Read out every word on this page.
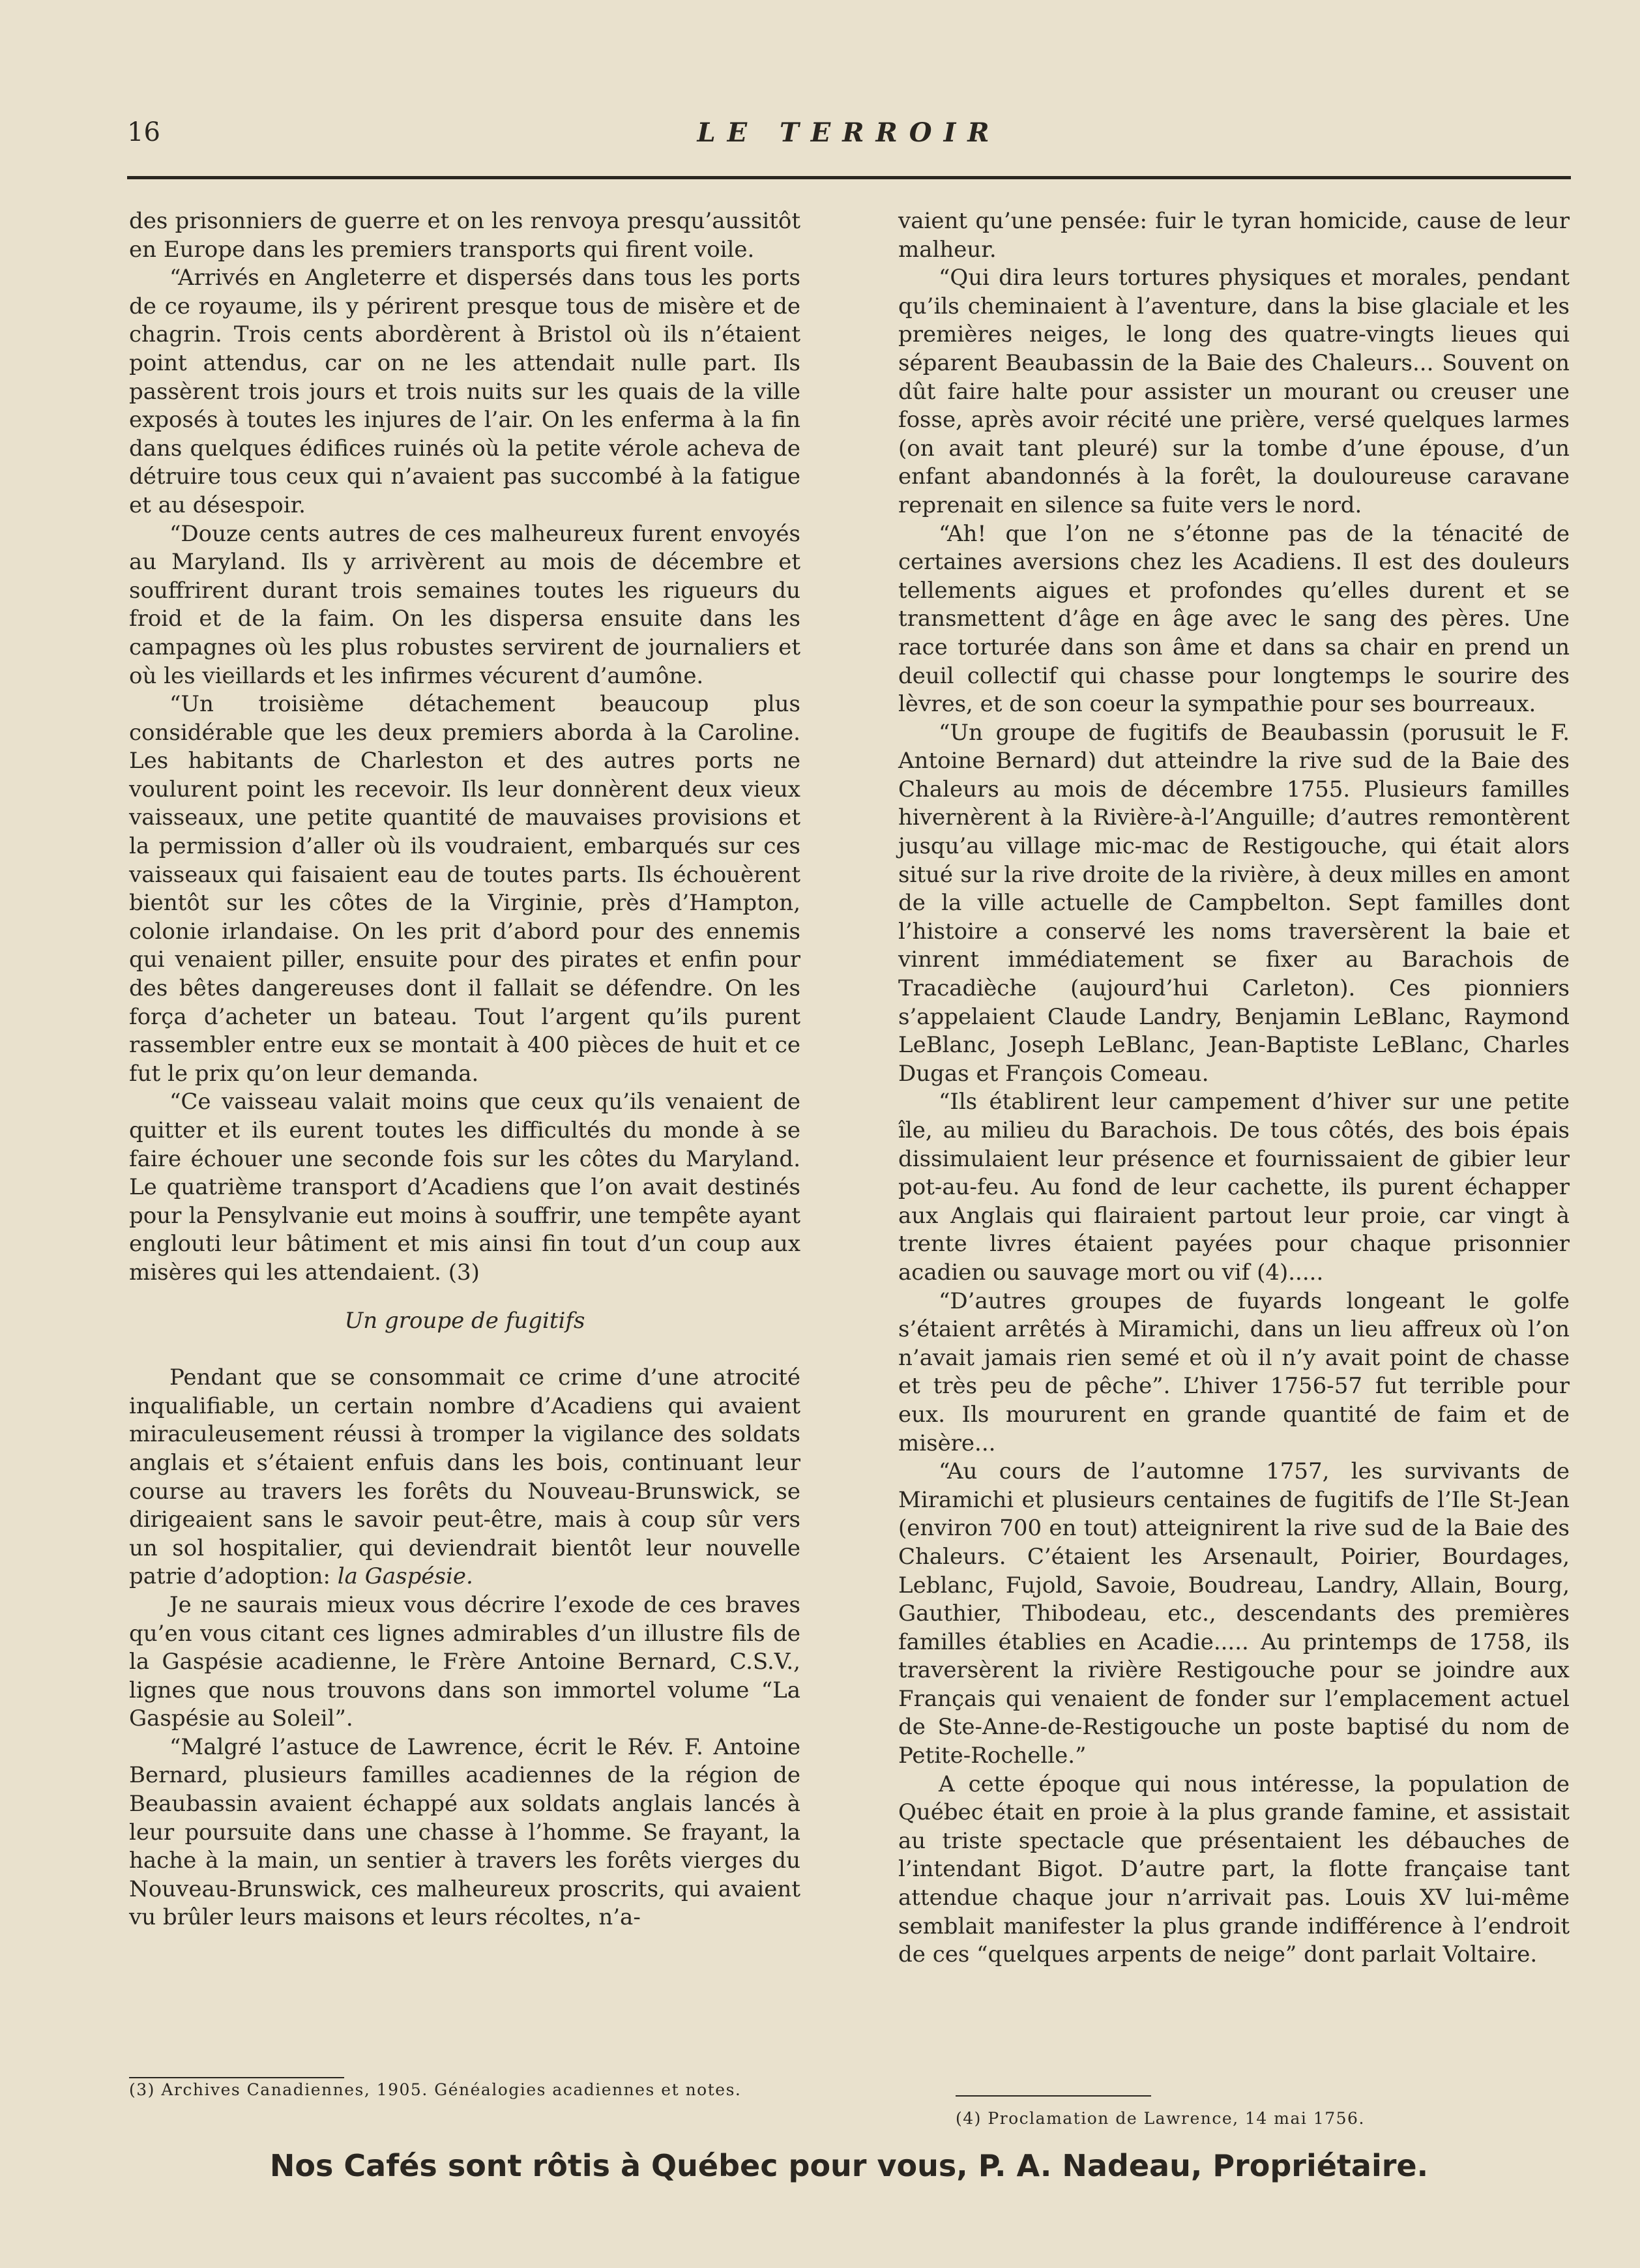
16	LE TERROIR

des prisonniers de guerre et on les renvoya presqu’aussitôt en Europe dans les premiers transports qui firent voile.

“Arrivés en Angleterre et dispersés dans tous les ports de ce royaume, ils y périrent presque tous de misère et de chagrin. Trois cents abordèrent à Bristol où ils n’étaient point attendus, car on ne les attendait nulle part. Ils passèrent trois jours et trois nuits sur les quais de la ville exposés à toutes les injures de l’air. On les enferma à la fin dans quelques édifices ruinés où la petite vérole acheva de détruire tous ceux qui n’avaient pas succombé à la fatigue et au désespoir.

“Douze cents autres de ces malheureux furent envoyés au Maryland. Ils y arrivèrent au mois de décembre et souffrirent durant trois semaines toutes les rigueurs du froid et de la faim. On les dispersa ensuite dans les campagnes où les plus robustes servirent de journaliers et où les vieillards et les infirmes vécurent d’aumône.

“Un troisième détachement beaucoup plus considérable que les deux premiers aborda à la Caroline. Les habitants de Charleston et des autres ports ne voulurent point les recevoir. Ils leur donnèrent deux vieux vaisseaux, une petite quantité de mauvaises provisions et la permission d’aller où ils voudraient, embarqués sur ces vaisseaux qui faisaient eau de toutes parts. Ils échouèrent bientôt sur les côtes de la Virginie, près d’Hampton, colonie irlandaise. On les prit d’abord pour des ennemis qui venaient piller, ensuite pour des pirates et enfin pour des bêtes dangereuses dont il fallait se défendre. On les força d’acheter un bateau. Tout l’argent qu’ils purent rassembler entre eux se montait à 400 pièces de huit et ce fut le prix qu’on leur demanda.

“Ce vaisseau valait moins que ceux qu’ils venaient de quitter et ils eurent toutes les difficultés du monde à se faire échouer une seconde fois sur les côtes du Maryland. Le quatrième transport d’Acadiens que l’on avait destinés pour la Pensylvanie eut moins à souffrir, une tempête ayant englouti leur bâtiment et mis ainsi fin tout d’un coup aux misères qui les attendaient. (3)

Un groupe de fugitifs

Pendant que se consommait ce crime d’une atrocité inqualifiable, un certain nombre d’Acadiens qui avaient miraculeusement réussi à tromper la vigilance des soldats anglais et s’étaient enfuis dans les bois, continuant leur course au travers les forêts du Nouveau-Brunswick, se dirigeaient sans le savoir peut-être, mais à coup sûr vers un sol hospitalier, qui deviendrait bientôt leur nouvelle patrie d’adoption: la Gaspésie.

Je ne saurais mieux vous décrire l’exode de ces braves qu’en vous citant ces lignes admirables d’un illustre fils de la Gaspésie acadienne, le Frère Antoine Bernard, C.S.V., lignes que nous trouvons dans son immortel volume “La Gaspésie au Soleil”.

“Malgré l’astuce de Lawrence, écrit le Rév. F. Antoine Bernard, plusieurs familles acadiennes de la région de Beaubassin avaient échappé aux soldats anglais lancés à leur poursuite dans une chasse à l’homme. Se frayant, la hache à la main, un sentier à travers les forêts vierges du Nouveau-Brunswick, ces malheureux proscrits, qui avaient vu brûler leurs maisons et leurs récoltes, n’a-

vaient qu’une pensée: fuir le tyran homicide, cause de leur malheur.

“Qui dira leurs tortures physiques et morales, pendant qu’ils cheminaient à l’aventure, dans la bise glaciale et les premières neiges, le long des quatre-vingts lieues qui séparent Beaubassin de la Baie des Chaleurs... Souvent on dût faire halte pour assister un mourant ou creuser une fosse, après avoir récité une prière, versé quelques larmes (on avait tant pleuré) sur la tombe d’une épouse, d’un enfant abandonnés à la forêt, la douloureuse caravane reprenait en silence sa fuite vers le nord.

“Ah! que l’on ne s’étonne pas de la ténacité de certaines aversions chez les Acadiens. Il est des douleurs tellements aigues et profondes qu’elles durent et se transmettent d’âge en âge avec le sang des pères. Une race torturée dans son âme et dans sa chair en prend un deuil collectif qui chasse pour longtemps le sourire des lèvres, et de son coeur la sympathie pour ses bourreaux.

“Un groupe de fugitifs de Beaubassin (porusuit le F. Antoine Bernard) dut atteindre la rive sud de la Baie des Chaleurs au mois de décembre 1755. Plusieurs familles hivernèrent à la Rivière-à-l’Anguille; d’autres remontèrent jusqu’au village mic-mac de Restigouche, qui était alors situé sur la rive droite de la rivière, à deux milles en amont de la ville actuelle de Campbelton. Sept familles dont l’histoire a conservé les noms traversèrent la baie et vinrent immédiatement se fixer au Barachois de Tracadièche (aujourd’hui Carleton). Ces pionniers s’appelaient Claude Landry, Benjamin LeBlanc, Raymond LeBlanc, Joseph LeBlanc, Jean-Baptiste LeBlanc, Charles Dugas et François Comeau.

“Ils établirent leur campement d’hiver sur une petite île, au milieu du Barachois. De tous côtés, des bois épais dissimulaient leur présence et fournissaient de gibier leur pot-au-feu. Au fond de leur cachette, ils purent échapper aux Anglais qui flairaient partout leur proie, car vingt à trente livres étaient payées pour chaque prisonnier acadien ou sauvage mort ou vif (4).....

“D’autres groupes de fuyards longeant le golfe s’étaient arrêtés à Miramichi, dans un lieu affreux où l’on n’avait jamais rien semé et où il n’y avait point de chasse et très peu de pêche”. L’hiver 1756-57 fut terrible pour eux. Ils moururent en grande quantité de faim et de misère...

“Au cours de l’automne 1757, les survivants de Miramichi et plusieurs centaines de fugitifs de l’Ile St-Jean (environ 700 en tout) atteignirent la rive sud de la Baie des Chaleurs. C’étaient les Arsenault, Poirier, Bourdages, Leblanc, Fujold, Savoie, Boudreau, Landry, Allain, Bourg, Gauthier, Thibodeau, etc., descendants des premières familles établies en Acadie..... Au printemps de 1758, ils traversèrent la rivière Restigouche pour se joindre aux Français qui venaient de fonder sur l’emplacement actuel de Ste-Anne-de-Restigouche un poste baptisé du nom de Petite-Rochelle.”

A cette époque qui nous intéresse, la population de Québec était en proie à la plus grande famine, et assistait au triste spectacle que présentaient les débauches de l’intendant Bigot. D’autre part, la flotte française tant attendue chaque jour n’arrivait pas. Louis XV lui-même semblait manifester la plus grande indifférence à l’endroit de ces “quelques arpents de neige” dont parlait Voltaire.

(3) Archives Canadiennes, 1905. Généalogies acadiennes et notes.
(4) Proclamation de Lawrence, 14 mai 1756.
Nos Cafés sont rôtis à Québec pour vous, P. A. Nadeau, Propriétaire.
